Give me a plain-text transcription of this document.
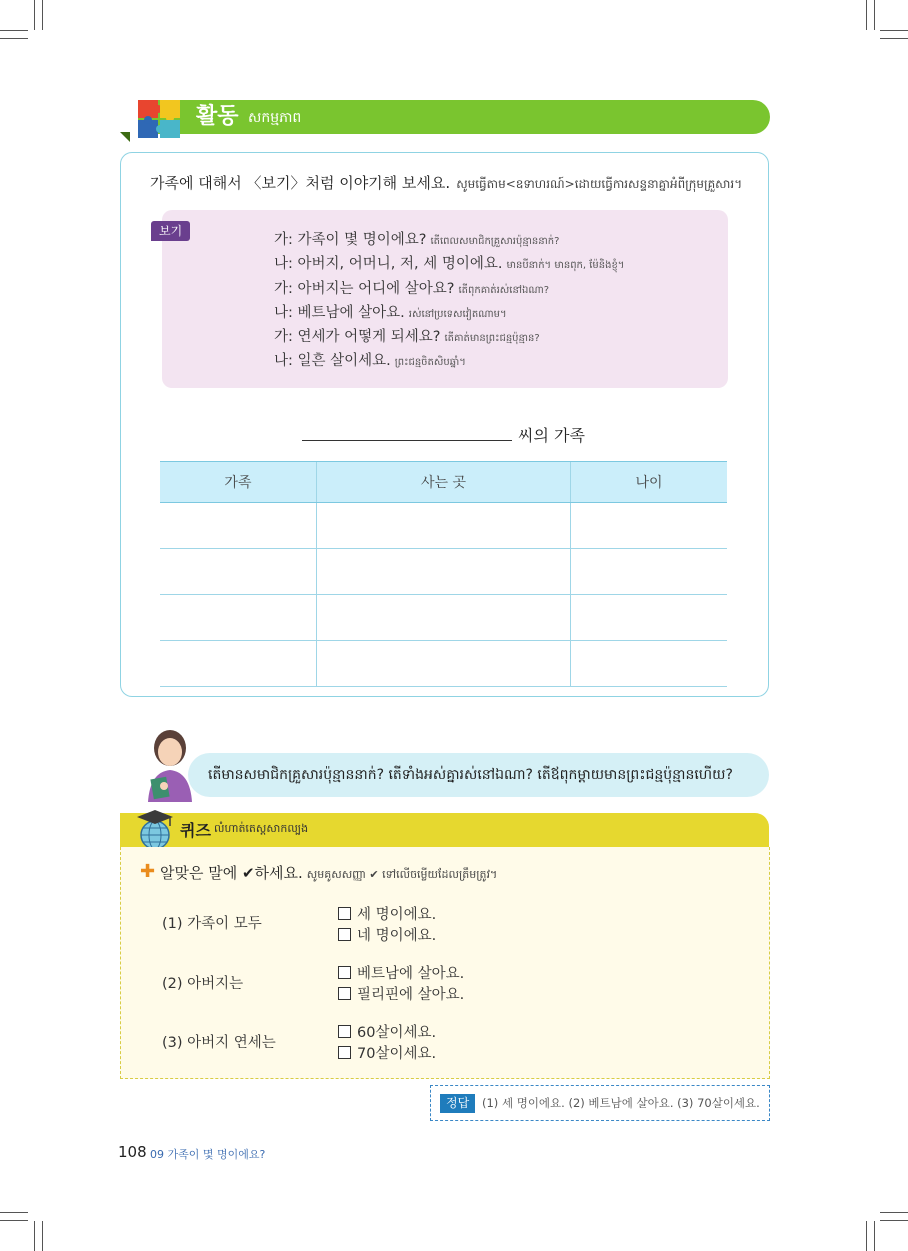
활동 សកម្មភាព
가족에 대해서 〈보기〉처럼 이야기해 보세요. សូមធ្វើតាម<ឧទាហរណ៍>ដោយធ្វើការសន្ទនាគ្នាអំពីក្រុមគ្រួសារ។
보기
가: 가족이 몇 명이에요? តើពេលសមាជិកគ្រួសារប៉ុន្មាននាក់?
나: 아버지, 어머니, 저, 세 명이에요. មានបីនាក់។ មានពុក, ម៉ែនិងខ្ញុំ។
가: 아버지는 어디에 살아요? តើពុកគាត់រស់នៅឯណា?
나: 베트남에 살아요. រស់នៅប្រទេសវៀតណាម។
가: 연세가 어떻게 되세요? តើគាត់មានព្រះជន្មប៉ុន្មាន?
나: 일흔 살이세요. ព្រះជន្មចិតសិបឆ្នាំ។
씨의 가족
가족	사는 곳	나이

តើមានសមាជិកគ្រួសារប៉ុន្មាននាក់? តើទាំងអស់គ្នារស់នៅឯណា? តើឪពុកម្ដាយមានព្រះជន្មប៉ុន្មានហើយ?
퀴즈 លំហាត់តេស្តសាកល្បង
✚ 알맞은 말에 ✔하세요. សូមគូសសញ្ញា ✔ ទៅលើចម្លើយដែលត្រឹមត្រូវ។
(1) 가족이 모두
세 명이에요.
네 명이에요.
(2) 아버지는
베트남에 살아요.
필리핀에 살아요.
(3) 아버지 연세는
60살이세요.
70살이세요.
정답	(1) 세 명이에요. (2) 베트남에 살아요. (3) 70살이세요.
108 09 가족이 몇 명이에요?
